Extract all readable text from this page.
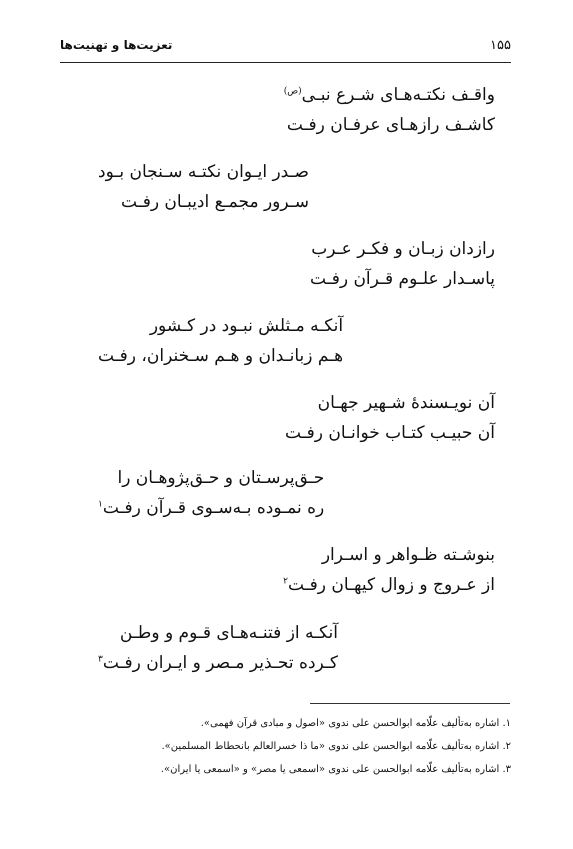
۱۵۵
تعزیت‌ها و تهنیت‌ها
واقـف نکتـه‌هـای شـرع نبـی$^{(ص)}$
کاشـف رازهـای عرفـان رفـت
صـدر ایـوان نکتـه سـنجان بـود
سـرور مجمـع ادیبـان رفـت
رازدان زبـان و فکـر عـرب
پاسـدار علـوم قـرآن رفـت
آنکـه مـثلش نبـود در کـشور
هـم زبانـدان و هـم سـخنران، رفـت
آن نویـسندۀ شـهیر جهـان
آن حبیـب کتـاب خوانـان رفـت
حـق‌پرسـتان و حـق‌پژوهـان را
ره نمـوده بـه‌سـوی قـرآن رفـت$^۱$
بنوشـته ظـواهر و اسـرار
از عـروج و زوال کیهـان رفـت$^۲$
آنکـه از فتنـه‌هـای قـوم و وطـن
کـرده تحـذیر مـصر و ایـران رفـت$^۳$
۱. اشاره به‌تألیف علّامه ابوالحسن علی ندوی «اصول و مبادی قرآن فهمی».
۲. اشاره به‌تألیف علّامه ابوالحسن علی ندوی «ما ذا خسرالعالم بانحطاط المسلمین».
۳. اشاره به‌تألیف علّامه ابوالحسن علی ندوی «اسمعی یا مصر» و «اسمعی یا ایران».
